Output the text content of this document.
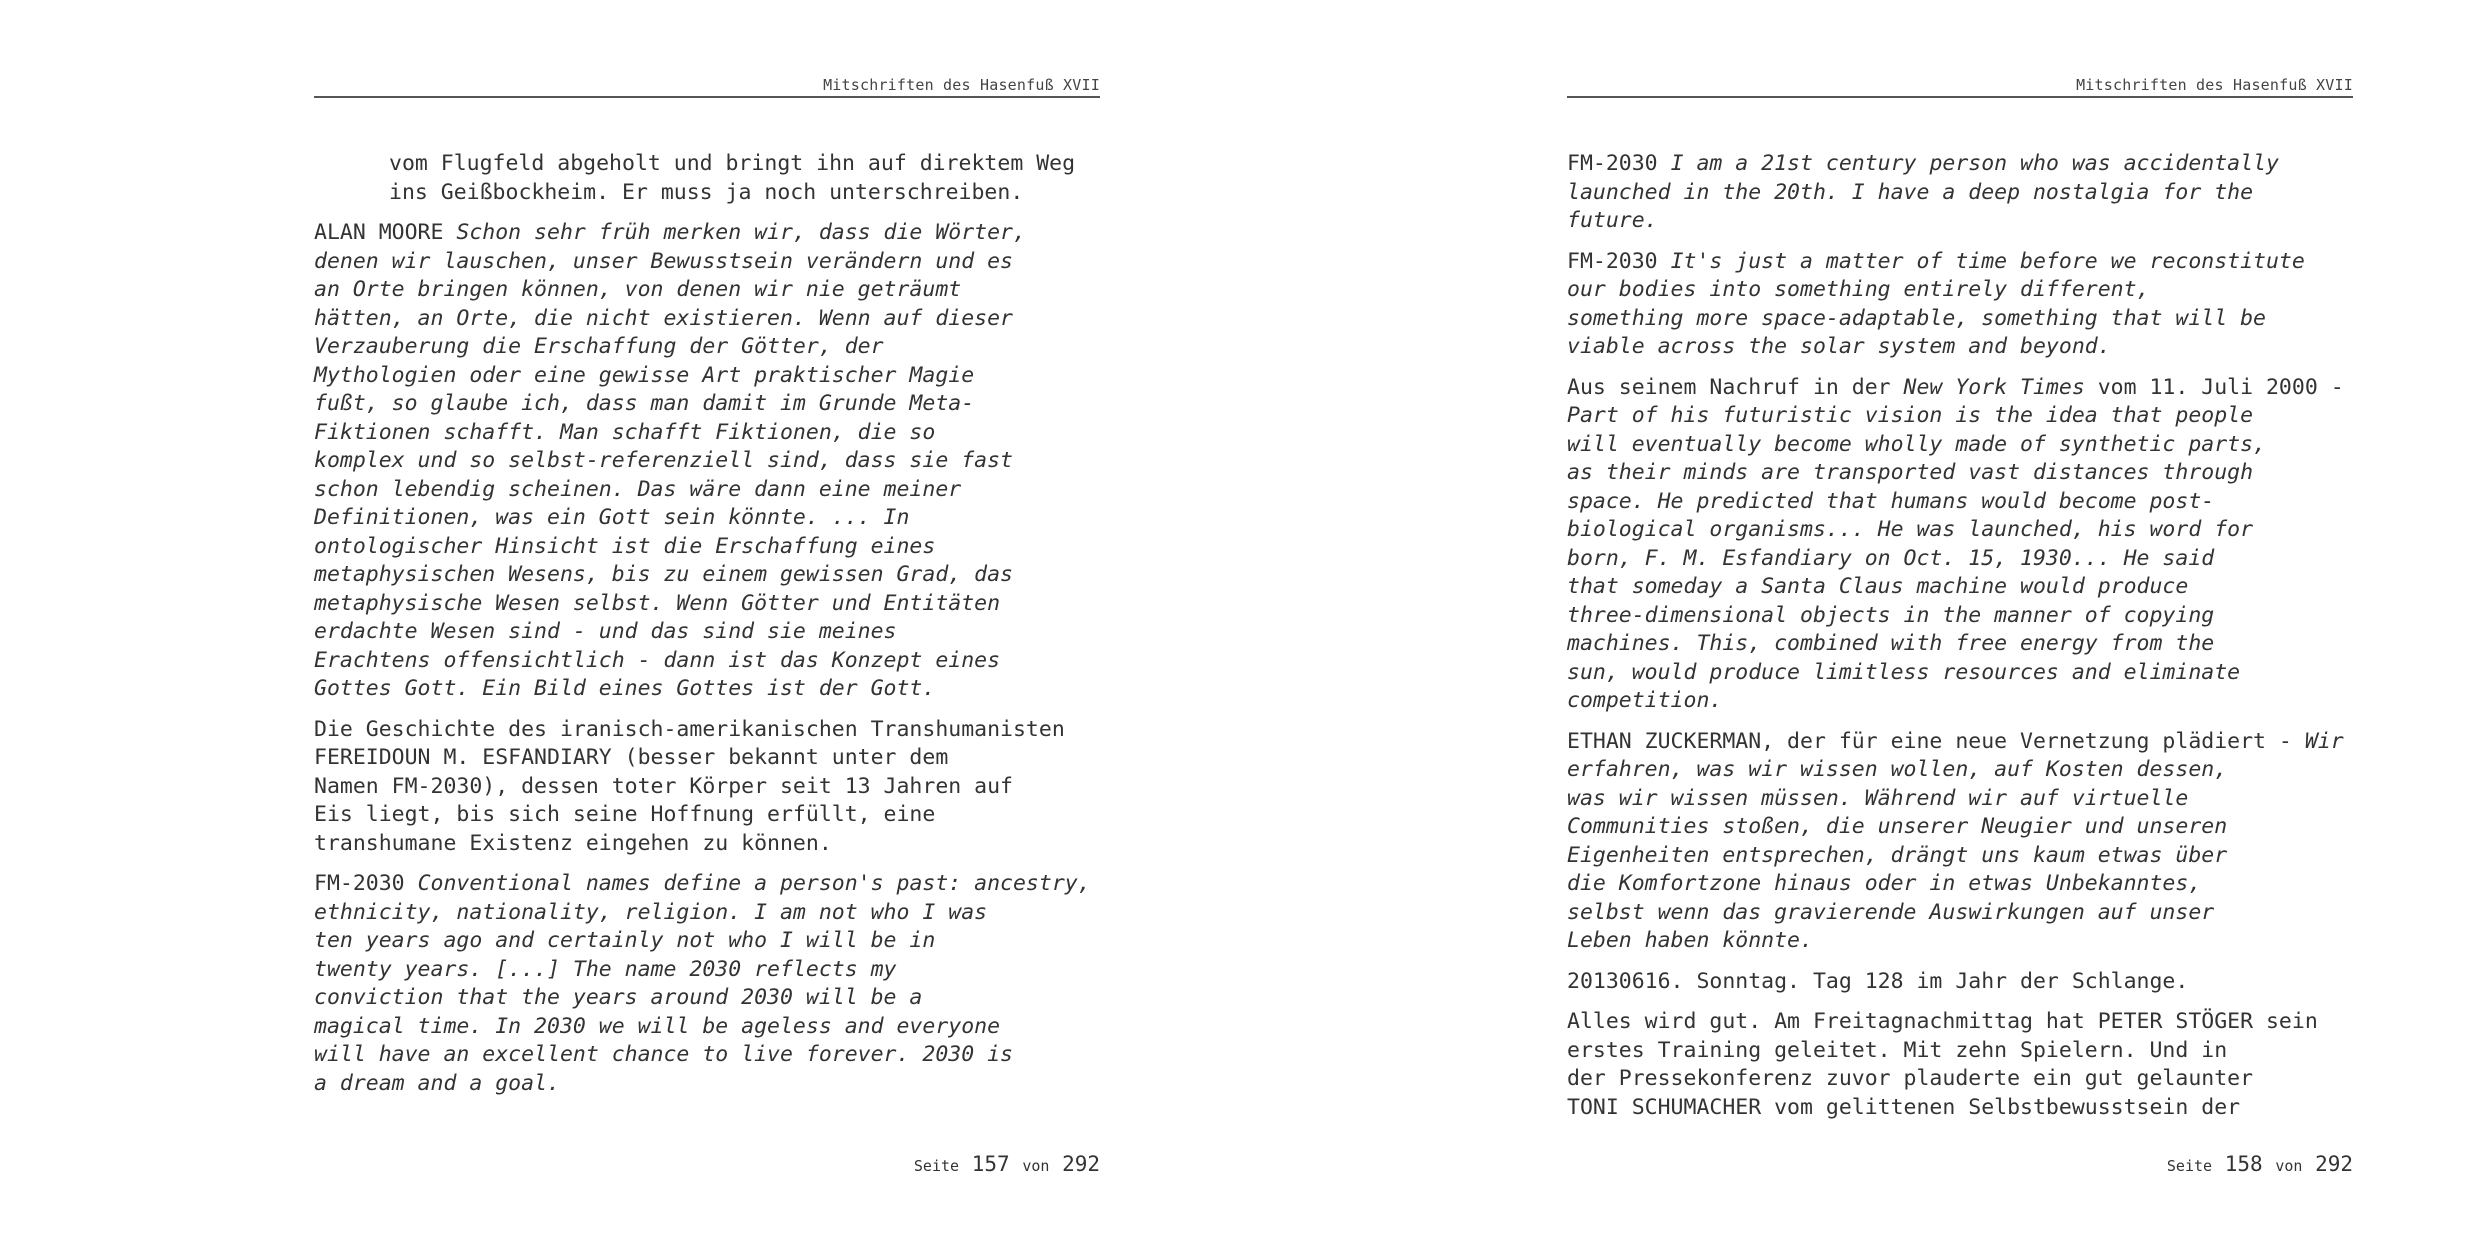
Mitschriften des Hasenfuß XVII
vom Flugfeld abgeholt und bringt ihn auf direktem Weg
ins Geißbockheim. Er muss ja noch unterschreiben.
ALAN MOORE Schon sehr früh merken wir, dass die Wörter,
denen wir lauschen, unser Bewusstsein verändern und es
an Orte bringen können, von denen wir nie geträumt
hätten, an Orte, die nicht existieren. Wenn auf dieser
Verzauberung die Erschaffung der Götter, der
Mythologien oder eine gewisse Art praktischer Magie
fußt, so glaube ich, dass man damit im Grunde Meta-
Fiktionen schafft. Man schafft Fiktionen, die so
komplex und so selbst-referenziell sind, dass sie fast
schon lebendig scheinen. Das wäre dann eine meiner
Definitionen, was ein Gott sein könnte. ... In
ontologischer Hinsicht ist die Erschaffung eines
metaphysischen Wesens, bis zu einem gewissen Grad, das
metaphysische Wesen selbst. Wenn Götter und Entitäten
erdachte Wesen sind - und das sind sie meines
Erachtens offensichtlich - dann ist das Konzept eines
Gottes Gott. Ein Bild eines Gottes ist der Gott.
Die Geschichte des iranisch-amerikanischen Transhumanisten
FEREIDOUN M. ESFANDIARY (besser bekannt unter dem
Namen FM-2030), dessen toter Körper seit 13 Jahren auf
Eis liegt, bis sich seine Hoffnung erfüllt, eine
transhumane Existenz eingehen zu können.
FM-2030 Conventional names define a person's past: ancestry,
ethnicity, nationality, religion. I am not who I was
ten years ago and certainly not who I will be in
twenty years. [...] The name 2030 reflects my
conviction that the years around 2030 will be a
magical time. In 2030 we will be ageless and everyone
will have an excellent chance to live forever. 2030 is
a dream and a goal.
Seite 157 von 292
Mitschriften des Hasenfuß XVII
FM-2030 I am a 21st century person who was accidentally
launched in the 20th. I have a deep nostalgia for the
future.
FM-2030 It's just a matter of time before we reconstitute
our bodies into something entirely different,
something more space-adaptable, something that will be
viable across the solar system and beyond.
Aus seinem Nachruf in der New York Times vom 11. Juli 2000 -
Part of his futuristic vision is the idea that people
will eventually become wholly made of synthetic parts,
as their minds are transported vast distances through
space. He predicted that humans would become post-
biological organisms... He was launched, his word for
born, F. M. Esfandiary on Oct. 15, 1930... He said
that someday a Santa Claus machine would produce
three-dimensional objects in the manner of copying
machines. This, combined with free energy from the
sun, would produce limitless resources and eliminate
competition.
ETHAN ZUCKERMAN, der für eine neue Vernetzung plädiert - Wir
erfahren, was wir wissen wollen, auf Kosten dessen,
was wir wissen müssen. Während wir auf virtuelle
Communities stoßen, die unserer Neugier und unseren
Eigenheiten entsprechen, drängt uns kaum etwas über
die Komfortzone hinaus oder in etwas Unbekanntes,
selbst wenn das gravierende Auswirkungen auf unser
Leben haben könnte.
20130616. Sonntag. Tag 128 im Jahr der Schlange.
Alles wird gut. Am Freitagnachmittag hat PETER STÖGER sein
erstes Training geleitet. Mit zehn Spielern. Und in
der Pressekonferenz zuvor plauderte ein gut gelaunter
TONI SCHUMACHER vom gelittenen Selbstbewusstsein der
Seite 158 von 292
